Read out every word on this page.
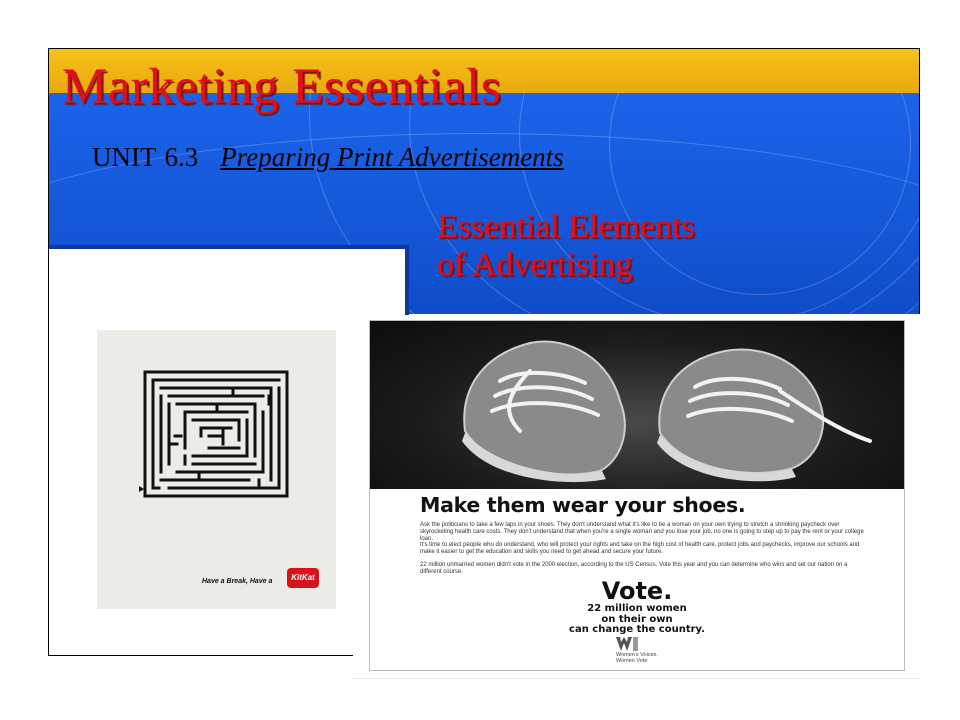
Marketing Essentials
UNIT 6.3 Preparing Print Advertisements
Essential Elements
of Advertising
Have a Break, Have a	KitKat
Make them wear your shoes.
Ask the politicians to take a few laps in your shoes. They don't understand what it's like to be a woman on your own trying to stretch a shrinking paycheck over skyrocketing health care costs. They don't understand that when you're a single woman and you lose your job, no one is going to step up to pay the rent or your college loan.
It's time to elect people who do understand, who will protect your rights and take on the high cost of health care, protect jobs and paychecks, improve our schools and make it easier to get the education and skills you need to get ahead and secure your future.
22 million unmarried women didn't vote in the 2000 election, according to the US Census. Vote this year and you can determine who wins and set our nation on a different course.
Vote.
22 million women
on their own
can change the country.
Women's Voices.
Women Vote
